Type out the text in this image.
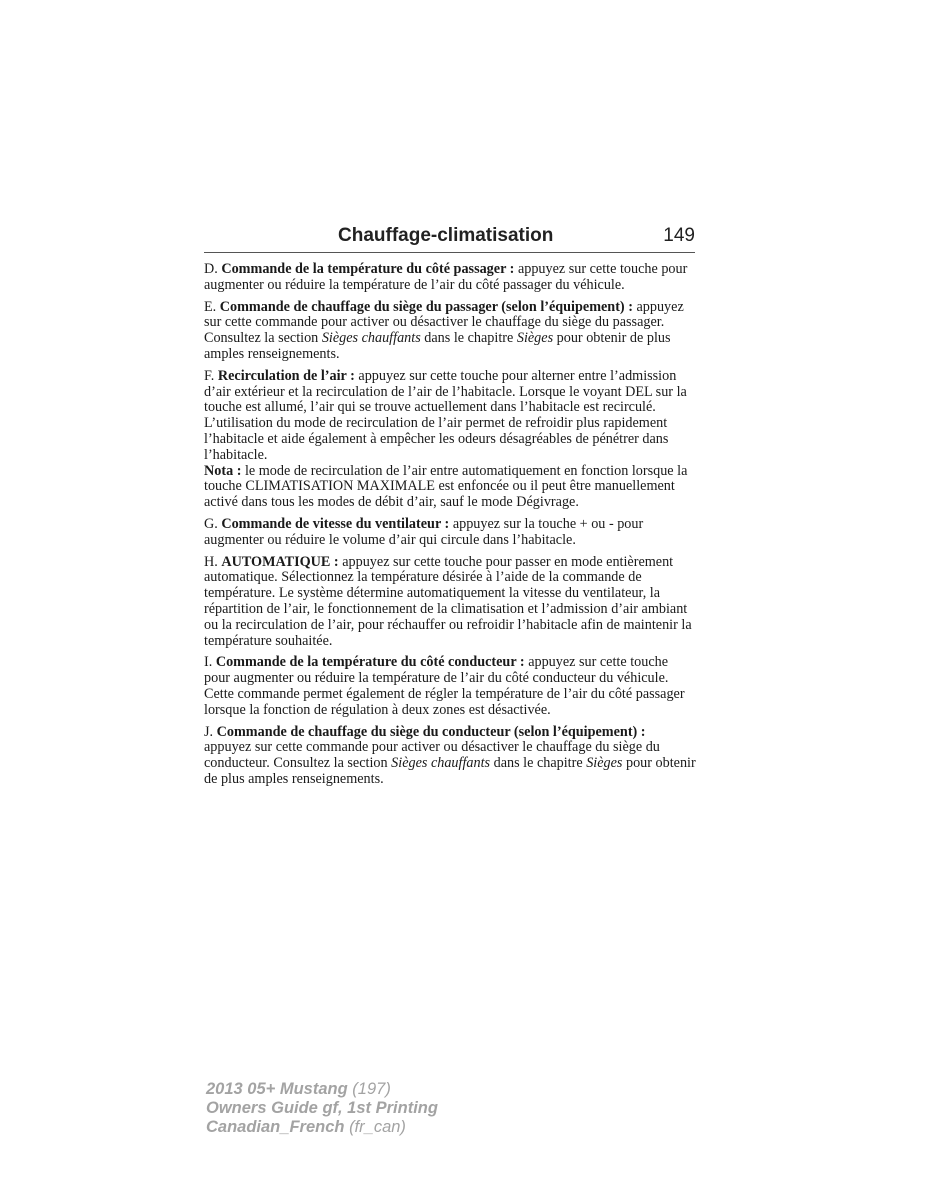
Chauffage-climatisation	149
D. Commande de la température du côté passager : appuyez sur cette touche pour augmenter ou réduire la température de l’air du côté passager du véhicule.
E. Commande de chauffage du siège du passager (selon l’équipement) : appuyez sur cette commande pour activer ou désactiver le chauffage du siège du passager. Consultez la section Sièges chauffants dans le chapitre Sièges pour obtenir de plus amples renseignements.

F. Recirculation de l’air : appuyez sur cette touche pour alterner entre l’admission d’air extérieur et la recirculation de l’air de l’habitacle. Lorsque le voyant DEL sur la touche est allumé, l’air qui se trouve actuellement dans l’habitacle est recirculé. L’utilisation du mode de recirculation de l’air permet de refroidir plus rapidement l’habitacle et aide également à empêcher les odeurs désagréables de pénétrer dans l’habitacle.

Nota : le mode de recirculation de l’air entre automatiquement en fonction lorsque la touche CLIMATISATION MAXIMALE est enfoncée ou il peut être manuellement activé dans tous les modes de débit d’air, sauf le mode Dégivrage.

G. Commande de vitesse du ventilateur : appuyez sur la touche + ou - pour augmenter ou réduire le volume d’air qui circule dans l’habitacle.
H. AUTOMATIQUE : appuyez sur cette touche pour passer en mode entièrement automatique. Sélectionnez la température désirée à l’aide de la commande de température. Le système détermine automatiquement la vitesse du ventilateur, la répartition de l’air, le fonctionnement de la climatisation et l’admission d’air ambiant ou la recirculation de l’air, pour réchauffer ou refroidir l’habitacle afin de maintenir la température souhaitée.

I. Commande de la température du côté conducteur : appuyez sur cette touche pour augmenter ou réduire la température de l’air du côté conducteur du véhicule.

Cette commande permet également de régler la température de l’air du côté passager lorsque la fonction de régulation à deux zones est désactivée.

J. Commande de chauffage du siège du conducteur (selon l’équipement) : appuyez sur cette commande pour activer ou désactiver le chauffage du siège du conducteur. Consultez la section Sièges chauffants dans le chapitre Sièges pour obtenir de plus amples renseignements.
2013 05+ Mustang (197)
Owners Guide gf, 1st Printing
Canadian_French (fr_can)
